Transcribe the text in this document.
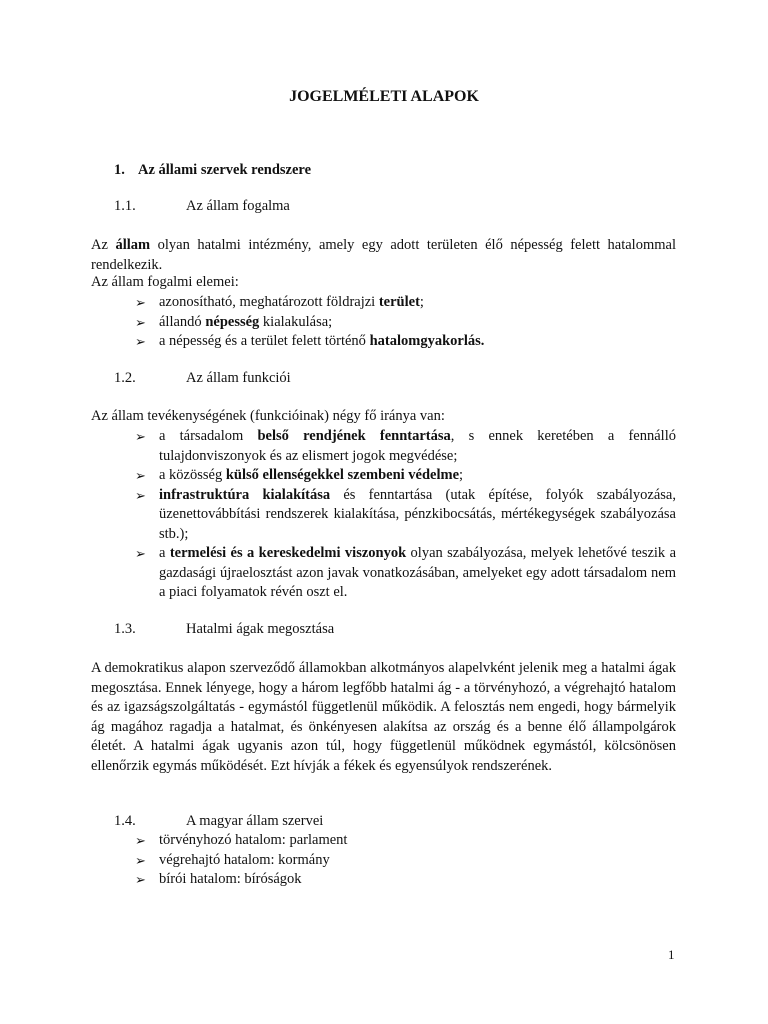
JOGELMÉLETI ALAPOK
1. Az állami szervek rendszere
1.1.	Az állam fogalma
Az állam olyan hatalmi intézmény, amely egy adott területen élő népesség felett hatalommal rendelkezik.
Az állam fogalmi elemei:
➢ azonosítható, meghatározott földrajzi terület;
➢ állandó népesség kialakulása;
➢ a népesség és a terület felett történő hatalomgyakorlás.
1.2.	Az állam funkciói
Az állam tevékenységének (funkcióinak) négy fő iránya van:
➢ a társadalom belső rendjének fenntartása, s ennek keretében a fennálló tulajdonviszonyok és az elismert jogok megvédése;
➢ a közösség külső ellenségekkel szembeni védelme;
➢ infrastruktúra kialakítása és fenntartása (utak építése, folyók szabályozása, üzenettovábbítási rendszerek kialakítása, pénzkibocsátás, mértékegységek szabályozása stb.);
➢ a termelési és a kereskedelmi viszonyok olyan szabályozása, melyek lehetővé teszik a gazdasági újraelosztást azon javak vonatkozásában, amelyeket egy adott társadalom nem a piaci folyamatok révén oszt el.
1.3.	Hatalmi ágak megosztása
A demokratikus alapon szerveződő államokban alkotmányos alapelvként jelenik meg a hatalmi ágak megosztása. Ennek lényege, hogy a három legfőbb hatalmi ág - a törvényhozó, a végrehajtó hatalom és az igazságszolgáltatás - egymástól függetlenül működik. A felosztás nem engedi, hogy bármelyik ág magához ragadja a hatalmat, és önkényesen alakítsa az ország és a benne élő állampolgárok életét. A hatalmi ágak ugyanis azon túl, hogy függetlenül működnek egymástól, kölcsönösen ellenőrzik egymás működését. Ezt hívják a fékek és egyensúlyok rendszerének.
1.4.	A magyar állam szervei
➢ törvényhozó hatalom: parlament
➢ végrehajtó hatalom: kormány
➢ bírói hatalom: bíróságok
1
